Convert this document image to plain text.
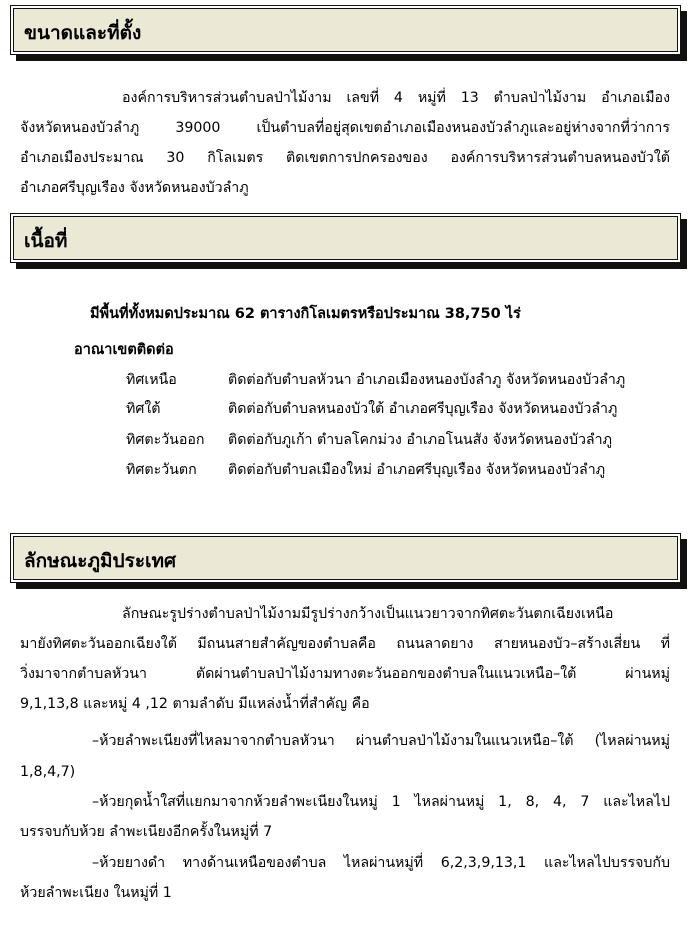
ขนาดและที่ตั้ง
องค์การบริหารส่วนตำบลป่าไม้งาม เลขที่ 4 หมู่ที่ 13 ตำบลป่าไม้งาม อำเภอเมือง
จังหวัดหนองบัวลำภู 39000 เป็นตำบลที่อยู่สุดเขตอำเภอเมืองหนองบัวลำภูและอยู่ห่างจากที่ว่าการ
อำเภอเมืองประมาณ 30 กิโลเมตร ติดเขตการปกครองของ องค์การบริหารส่วนตำบลหนองบัวใต้
อำเภอศรีบุญเรือง จังหวัดหนองบัวลำภู
เนื้อที่
มีพื้นที่ทั้งหมดประมาณ 62 ตารางกิโลเมตรหรือประมาณ 38,750 ไร่
อาณาเขตติดต่อ
ทิศเหนือ	ติดต่อกับตำบลหัวนา อำเภอเมืองหนองบังลำภู จังหวัดหนองบัวลำภู
ทิศใต้	ติดต่อกับตำบลหนองบัวใต้ อำเภอศรีบุญเรือง จังหวัดหนองบัวลำภู
ทิศตะวันออก ติดต่อกับภูเก้า ตำบลโคกม่วง อำเภอโนนสัง จังหวัดหนองบัวลำภู
ทิศตะวันตก ติดต่อกับตำบลเมืองใหม่ อำเภอศรีบุญเรือง จังหวัดหนองบัวลำภู
ลักษณะภูมิประเทศ
ลักษณะรูปร่างตำบลป่าไม้งามมีรูปร่างกว้างเป็นแนวยาวจากทิศตะวันตกเฉียงเหนือ
มายังทิศตะวันออกเฉียงใต้ มีถนนสายสำคัญของตำบลคือ ถนนลาดยาง สายหนองบัว–สร้างเสี่ยน ที่
วิ่งมาจากตำบลหัวนา ตัดผ่านตำบลป่าไม้งามทางตะวันออกของตำบลในแนวเหนือ–ใต้ ผ่านหมู่
9,1,13,8 และหมู่ 4 ,12 ตามลำดับ มีแหล่งน้ำที่สำคัญ คือ
–ห้วยลำพะเนียงที่ไหลมาจากตำบลหัวนา ผ่านตำบลป่าไม้งามในแนวเหนือ–ใต้ (ไหลผ่านหมู่
1,8,4,7)
–ห้วยกุดน้ำใสที่แยกมาจากห้วยลำพะเนียงในหมู่ 1 ไหลผ่านหมู่ 1, 8, 4, 7 และไหลไป
บรรจบกับห้วย ลำพะเนียงอีกครั้งในหมู่ที่ 7
–ห้วยยางดำ ทางด้านเหนือของตำบล ไหลผ่านหมู่ที่ 6,2,3,9,13,1 และไหลไปบรรจบกับ
ห้วยลำพะเนียง ในหมู่ที่ 1
